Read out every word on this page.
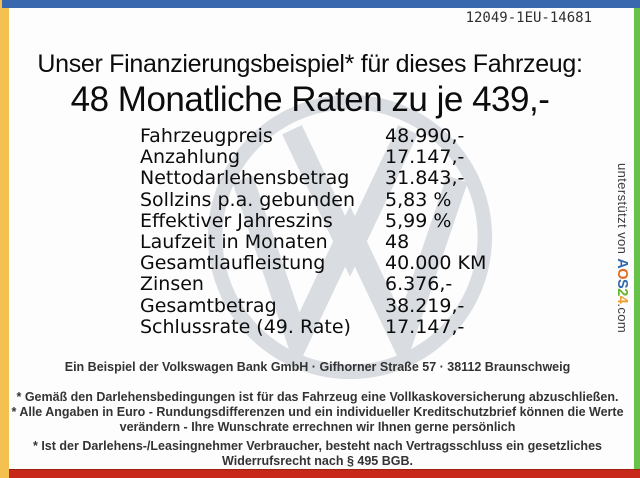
12049-1EU-14681
Unser Finanzierungsbeispiel* für dieses Fahrzeug:
48 Monatliche Raten zu je 439,-
Fahrzeugpreis	48.990,-
Anzahlung	17.147,-
Nettodarlehensbetrag 31.843,-
Sollzins p.a. gebunden 5,83 %
Effektiver Jahreszins	5,99 %
Laufzeit in Monaten	48
Gesamtlaufleistung	40.000 KM
Zinsen	6.376,-
Gesamtbetrag	38.219,-
Schlussrate (49. Rate) 17.147,-
Ein Beispiel der Volkswagen Bank GmbH · Gifhorner Straße 57 · 38112 Braunschweig
* Gemäß den Darlehensbedingungen ist für das Fahrzeug eine Vollkaskoversicherung abzuschließen.
* Alle Angaben in Euro - Rundungsdifferenzen und ein individueller Kreditschutzbrief können die Werte
verändern - Ihre Wunschrate errechnen wir Ihnen gerne persönlich
* Ist der Darlehens-/Leasingnehmer Verbraucher, besteht nach Vertragsschluss ein gesetzliches
Widerrufsrecht nach § 495 BGB.
unterstützt von AOS24.com
